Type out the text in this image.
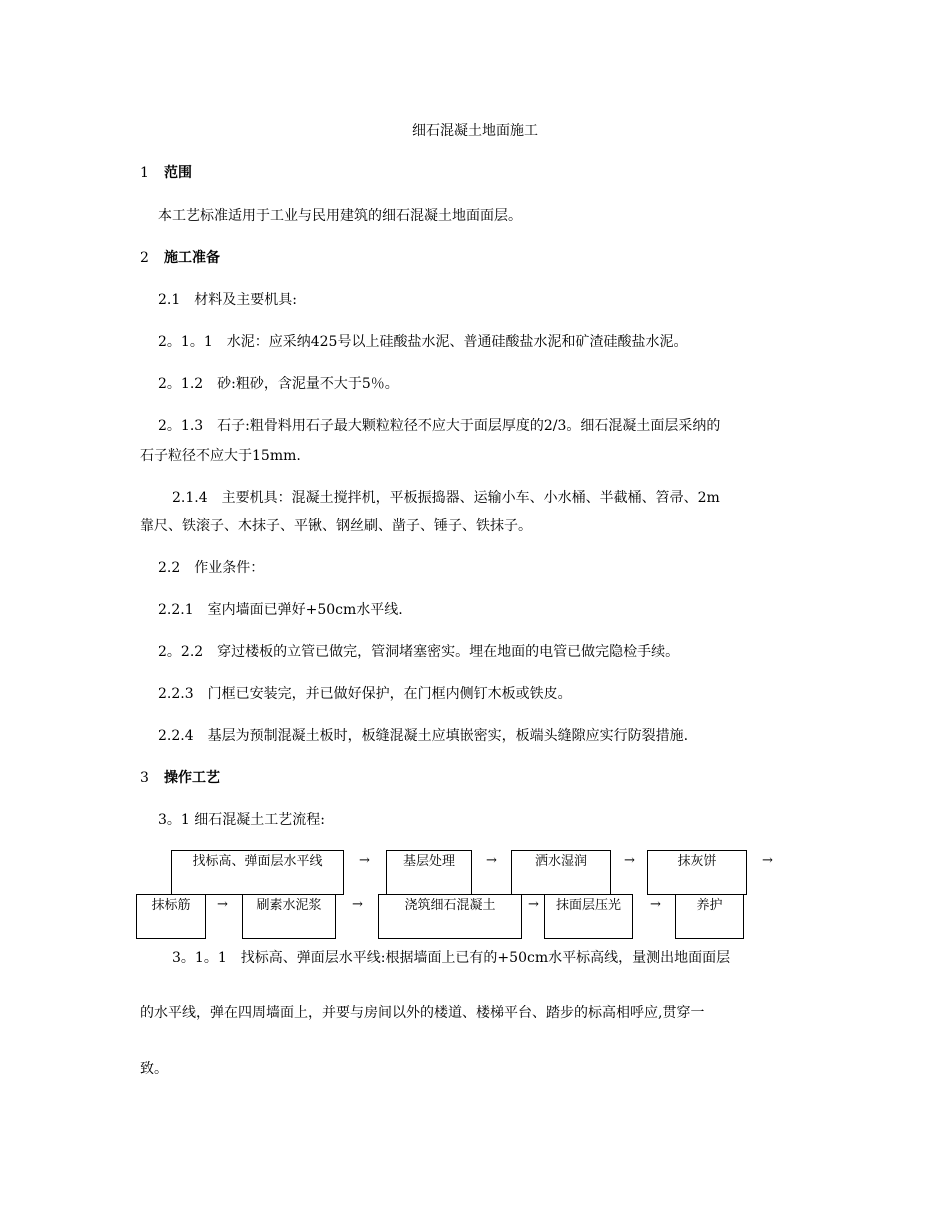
细石混凝土地面施工
1 范围
本工艺标准适用于工业与民用建筑的细石混凝土地面面层。
2 施工准备
2.1　材料及主要机具:
2。1。1　水泥：应采纳425号以上硅酸盐水泥、普通硅酸盐水泥和矿渣硅酸盐水泥。
2。1.2　砂:粗砂，含泥量不大于5％。
2。1.3　石子:粗骨料用石子最大颗粒粒径不应大于面层厚度的2/3。细石混凝土面层采纳的
石子粒径不应大于15mm.
2.1.4　主要机具：混凝土搅拌机，平板振捣器、运输小车、小水桶、半截桶、笤帚、2m
靠尺、铁滚子、木抹子、平锹、钢丝刷、凿子、锤子、铁抹子。
2.2　作业条件：
2.2.1　室内墙面已弹好+50cm水平线.
2。2.2　穿过楼板的立管已做完，管洞堵塞密实。埋在地面的电管已做完隐检手续。
2.2.3　门框已安装完，并已做好保护，在门框内侧钉木板或铁皮。
2.2.4　基层为预制混凝土板时，板缝混凝土应填嵌密实，板端头缝隙应实行防裂措施.
3 操作工艺
3。1 细石混凝土工艺流程:
找标高、弹面层水平线	→	基层处理	→	洒水湿润	→	抹灰饼	→
抹标筋	→	刷素水泥浆	→	浇筑细石混凝土	→	抹面层压光	→	养护
3。1。1　找标高、弹面层水平线:根据墙面上已有的+50cm水平标高线，量测出地面面层
的水平线，弹在四周墙面上，并要与房间以外的楼道、楼梯平台、踏步的标高相呼应,贯穿一
致。
